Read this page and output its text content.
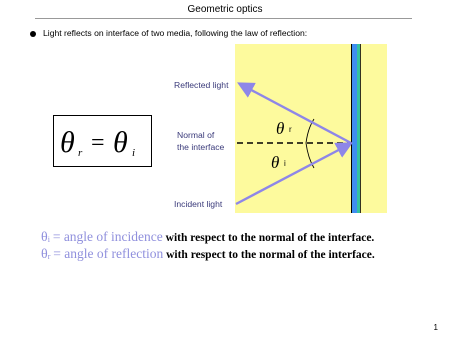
Geometric optics
Light reflects on interface of two media, following the law of reflection:
θ r
θ i
Reflected light
Normal of
the interface
Incident light
θ r = θ i
θi = angle of incidence with respect to the normal of the interface.
θr = angle of reflection with respect to the normal of the interface.
1
